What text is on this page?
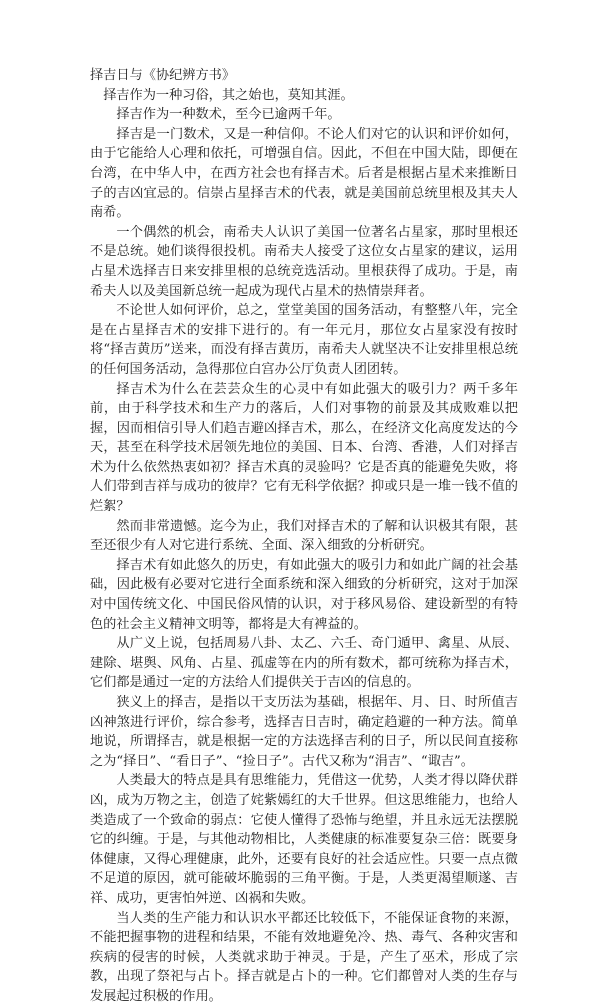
择吉日与《协纪辨方书》

择吉作为一种习俗，其之始也，莫知其涯。

择吉作为一种数术，至今已逾两千年。

择吉是一门数术，又是一种信仰。不论人们对它的认识和评价如何，由于它能给人心理和依托，可增强自信。因此，不但在中国大陆，即便在台湾，在中华人中，在西方社会也有择吉术。后者是根据占星术来推断日子的吉凶宜忌的。信崇占星择吉术的代表，就是美国前总统里根及其夫人南希。

一个偶然的机会，南希夫人认识了美国一位著名占星家，那时里根还不是总统。她们谈得很投机。南希夫人接受了这位女占星家的建议，运用占星术选择吉日来安排里根的总统竞选活动。里根获得了成功。于是，南希夫人以及美国新总统一起成为现代占星术的热情崇拜者。

不论世人如何评价，总之，堂堂美国的国务活动，有整整八年，完全是在占星择吉术的安排下进行的。有一年元月，那位女占星家没有按时将“择吉黄历”送来，而没有择吉黄历，南希夫人就坚决不让安排里根总统的任何国务活动，急得那位白宫办公厅负责人团团转。

择吉术为什么在芸芸众生的心灵中有如此强大的吸引力？两千多年前，由于科学技术和生产力的落后，人们对事物的前景及其成败难以把握，因而相信引导人们趋吉避凶择吉术，那么，在经济文化高度发达的今天，甚至在科学技术居领先地位的美国、日本、台湾、香港，人们对择吉术为什么依然热衷如初？择吉术真的灵验吗？它是否真的能避免失败，将人们带到吉祥与成功的彼岸？它有无科学依据？抑或只是一堆一钱不值的烂絮？

然而非常遗憾。迄今为止，我们对择吉术的了解和认识极其有限，甚至还很少有人对它进行系统、全面、深入细致的分析研究。

择吉术有如此悠久的历史，有如此强大的吸引力和如此广阔的社会基础，因此极有必要对它进行全面系统和深入细致的分析研究，这对于加深对中国传统文化、中国民俗风情的认识，对于移风易俗、建设新型的有特色的社会主义精神文明等，都将是大有裨益的。

从广义上说，包括周易八卦、太乙、六壬、奇门遁甲、禽星、从辰、建除、堪舆、风角、占星、孤虚等在内的所有数术，都可统称为择吉术，它们都是通过一定的方法给人们提供关于吉凶的信息的。

狭义上的择吉，是指以干支历法为基础，根据年、月、日、时所值吉凶神煞进行评价，综合参考，选择吉日吉时，确定趋避的一种方法。简单地说，所谓择吉，就是根据一定的方法选择吉利的日子，所以民间直接称之为“择日”、“看日子”、“捡日子”。古代又称为“涓吉”、“诹吉”。

人类最大的特点是具有思维能力，凭借这一优势，人类才得以降伏群凶，成为万物之主，创造了姹紫嫣红的大千世界。但这思维能力，也给人类造成了一个致命的弱点：它使人懂得了恐怖与绝望，并且永远无法摆脱它的纠缠。于是，与其他动物相比，人类健康的标准要复杂三倍：既要身体健康，又得心理健康，此外，还要有良好的社会适应性。只要一点点微不足道的原因，就可能破坏脆弱的三角平衡。于是，人类更渴望顺遂、吉祥、成功，更害怕舛逆、凶祸和失败。

当人类的生产能力和认识水平都还比较低下，不能保证食物的来源，不能把握事物的进程和结果，不能有效地避免冷、热、毒气、各种灾害和疾病的侵害的时候，人类就求助于神灵。于是，产生了巫术，形成了宗教，出现了祭祀与占卜。择吉就是占卜的一种。它们都曾对人类的生存与发展起过积极的作用。
